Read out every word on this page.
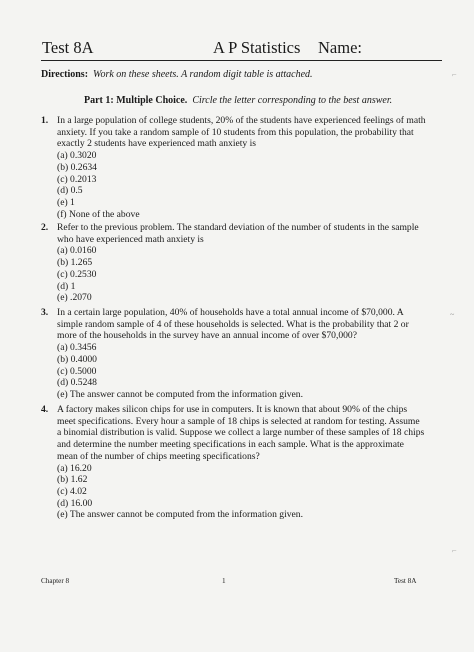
Test 8A	A P Statistics Name:
Directions: Work on these sheets. A random digit table is attached.
Part 1: Multiple Choice. Circle the letter corresponding to the best answer.
1. In a large population of college students, 20% of the students have experienced feelings of math
anxiety. If you take a random sample of 10 students from this population, the probability that
exactly 2 students have experienced math anxiety is
(a) 0.3020
(b) 0.2634
(c) 0.2013
(d) 0.5
(e) 1
(f) None of the above
2. Refer to the previous problem. The standard deviation of the number of students in the sample
who have experienced math anxiety is
(a) 0.0160
(b) 1.265
(c) 0.2530
(d) 1
(e) .2070
3. In a certain large population, 40% of households have a total annual income of $70,000. A
simple random sample of 4 of these households is selected. What is the probability that 2 or
more of the households in the survey have an annual income of over $70,000?
(a) 0.3456
(b) 0.4000
(c) 0.5000
(d) 0.5248
(e) The answer cannot be computed from the information given.
4. A factory makes silicon chips for use in computers. It is known that about 90% of the chips
meet specifications. Every hour a sample of 18 chips is selected at random for testing. Assume
a binomial distribution is valid. Suppose we collect a large number of these samples of 18 chips
and determine the number meeting specifications in each sample. What is the approximate
mean of the number of chips meeting specifications?
(a) 16.20
(b) 1.62
(c) 4.02
(d) 16.00
(e) The answer cannot be computed from the information given.
Chapter 8	1	Test 8A
⌐
~
⌐
